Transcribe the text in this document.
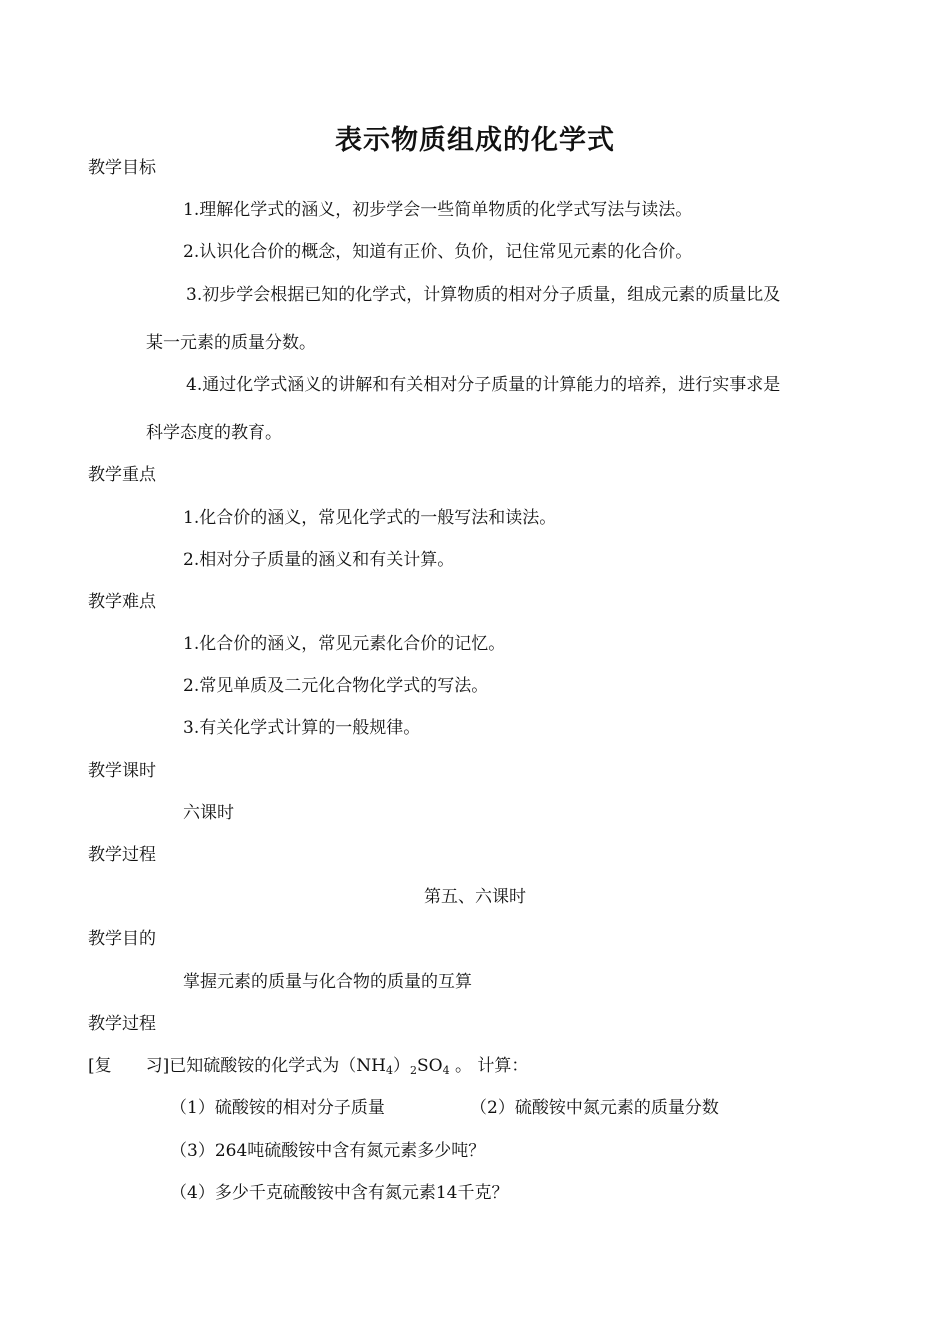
表示物质组成的化学式
教学目标
1.理解化学式的涵义，初步学会一些简单物质的化学式写法与读法。
2.认识化合价的概念，知道有正价、负价，记住常见元素的化合价。
3.初步学会根据已知的化学式，计算物质的相对分子质量，组成元素的质量比及
某一元素的质量分数。
4.通过化学式涵义的讲解和有关相对分子质量的计算能力的培养，进行实事求是
科学态度的教育。
教学重点
1.化合价的涵义，常见化学式的一般写法和读法。
2.相对分子质量的涵义和有关计算。
教学难点
1.化合价的涵义，常见元素化合价的记忆。
2.常见单质及二元化合物化学式的写法。
3.有关化学式计算的一般规律。
教学课时
六课时
教学过程
第五、六课时
教学目的
掌握元素的质量与化合物的质量的互算
教学过程
[复　　习]已知硫酸铵的化学式为$(NH_4)_2SO_4$ 。 计算：
（1）硫酸铵的相对分子质量	（2）硫酸铵中氮元素的质量分数
（3）264吨硫酸铵中含有氮元素多少吨？
（4）多少千克硫酸铵中含有氮元素14千克？
